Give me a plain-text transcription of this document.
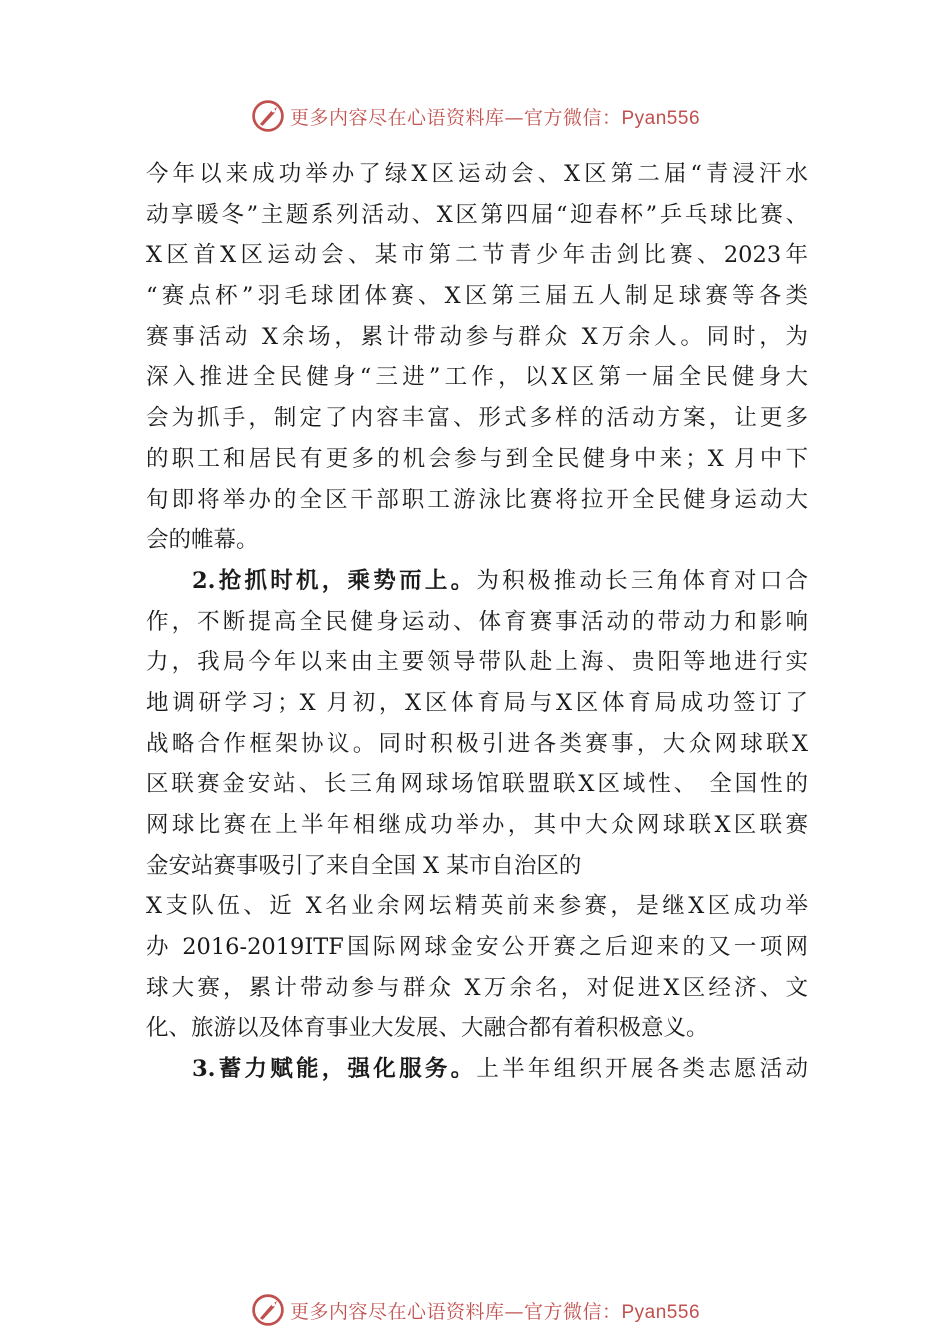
更多内容尽在心语资料库—官方微信：Pyan556
今年以来成功举办了绿X区运动会、X区第二届“青浸汗水
动享暖冬”主题系列活动、X区第四届“迎春杯”乒乓球比赛、
X区首X区运动会、某市第二节青少年击剑比赛、2023年
“赛点杯”羽毛球团体赛、X区第三届五人制足球赛等各类
赛事活动 X余场，累计带动参与群众 X万余人。同时，为
深入推进全民健身“三进”工作，以X区第一届全民健身大
会为抓手，制定了内容丰富、形式多样的活动方案，让更多
的职工和居民有更多的机会参与到全民健身中来；X 月中下
旬即将举办的全区干部职工游泳比赛将拉开全民健身运动大
会的帷幕。
2.抢抓时机，乘势而上。为积极推动长三角体育对口合
作，不断提高全民健身运动、体育赛事活动的带动力和影响
力，我局今年以来由主要领导带队赴上海、贵阳等地进行实
地调研学习；X 月初，X区体育局与X区体育局成功签订了
战略合作框架协议。同时积极引进各类赛事，大众网球联X
区联赛金安站、长三角网球场馆联盟联X区域性、 全国性的
网球比赛在上半年相继成功举办，其中大众网球联X区联赛
金安站赛事吸引了来自全国 X 某市自治区的
X支队伍、近 X名业余网坛精英前来参赛，是继X区成功举
办 2016-2019ITF国际网球金安公开赛之后迎来的又一项网
球大赛，累计带动参与群众 X万余名，对促进X区经济、文
化、旅游以及体育事业大发展、大融合都有着积极意义。
3.蓄力赋能，强化服务。上半年组织开展各类志愿活动
更多内容尽在心语资料库—官方微信：Pyan556
